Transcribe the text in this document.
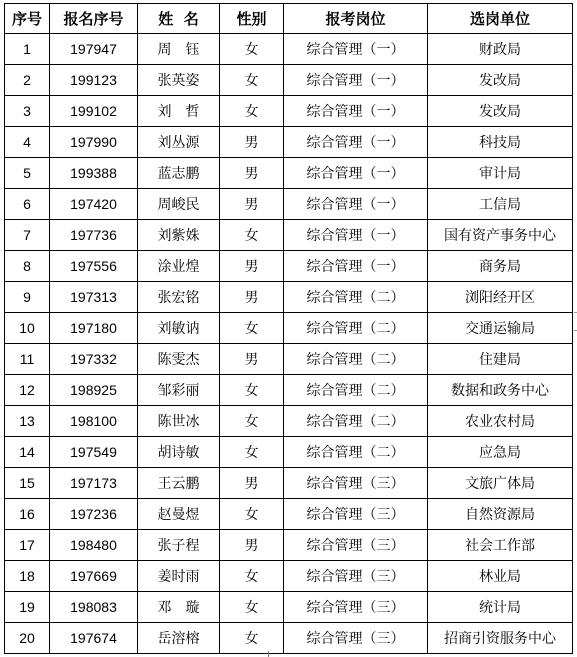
序号	报名序号	姓  名	性别	报考岗位	选岗单位
1	197947	周　钰	女	综合管理（一）	财政局
2	199123	张英姿	女	综合管理（一）	发改局
3	199102	刘　哲	女	综合管理（一）	发改局
4	197990	刘丛源	男	综合管理（一）	科技局
5	199388	蓝志鹏	男	综合管理（一）	审计局
6	197420	周峻民	男	综合管理（一）	工信局
7	197736	刘紫姝	女	综合管理（一）	国有资产事务中心
8	197556	涂业煌	男	综合管理（一）	商务局
9	197313	张宏铭	男	综合管理（二）	浏阳经开区
10	197180	刘敏讷	女	综合管理（二）	交通运输局
11	197332	陈雯杰	男	综合管理（二）	住建局
12	198925	邹彩丽	女	综合管理（二）	数据和政务中心
13	198100	陈世冰	女	综合管理（二）	农业农村局
14	197549	胡诗敏	女	综合管理（二）	应急局
15	197173	王云鹏	男	综合管理（三）	文旅广体局
16	197236	赵曼煜	女	综合管理（三）	自然资源局
17	198480	张子程	男	综合管理（三）	社会工作部
18	197669	姜时雨	女	综合管理（三）	林业局
19	198083	邓　璇	女	综合管理（三）	统计局
20	197674	岳溶榕	女	综合管理（三）	招商引资服务中心
